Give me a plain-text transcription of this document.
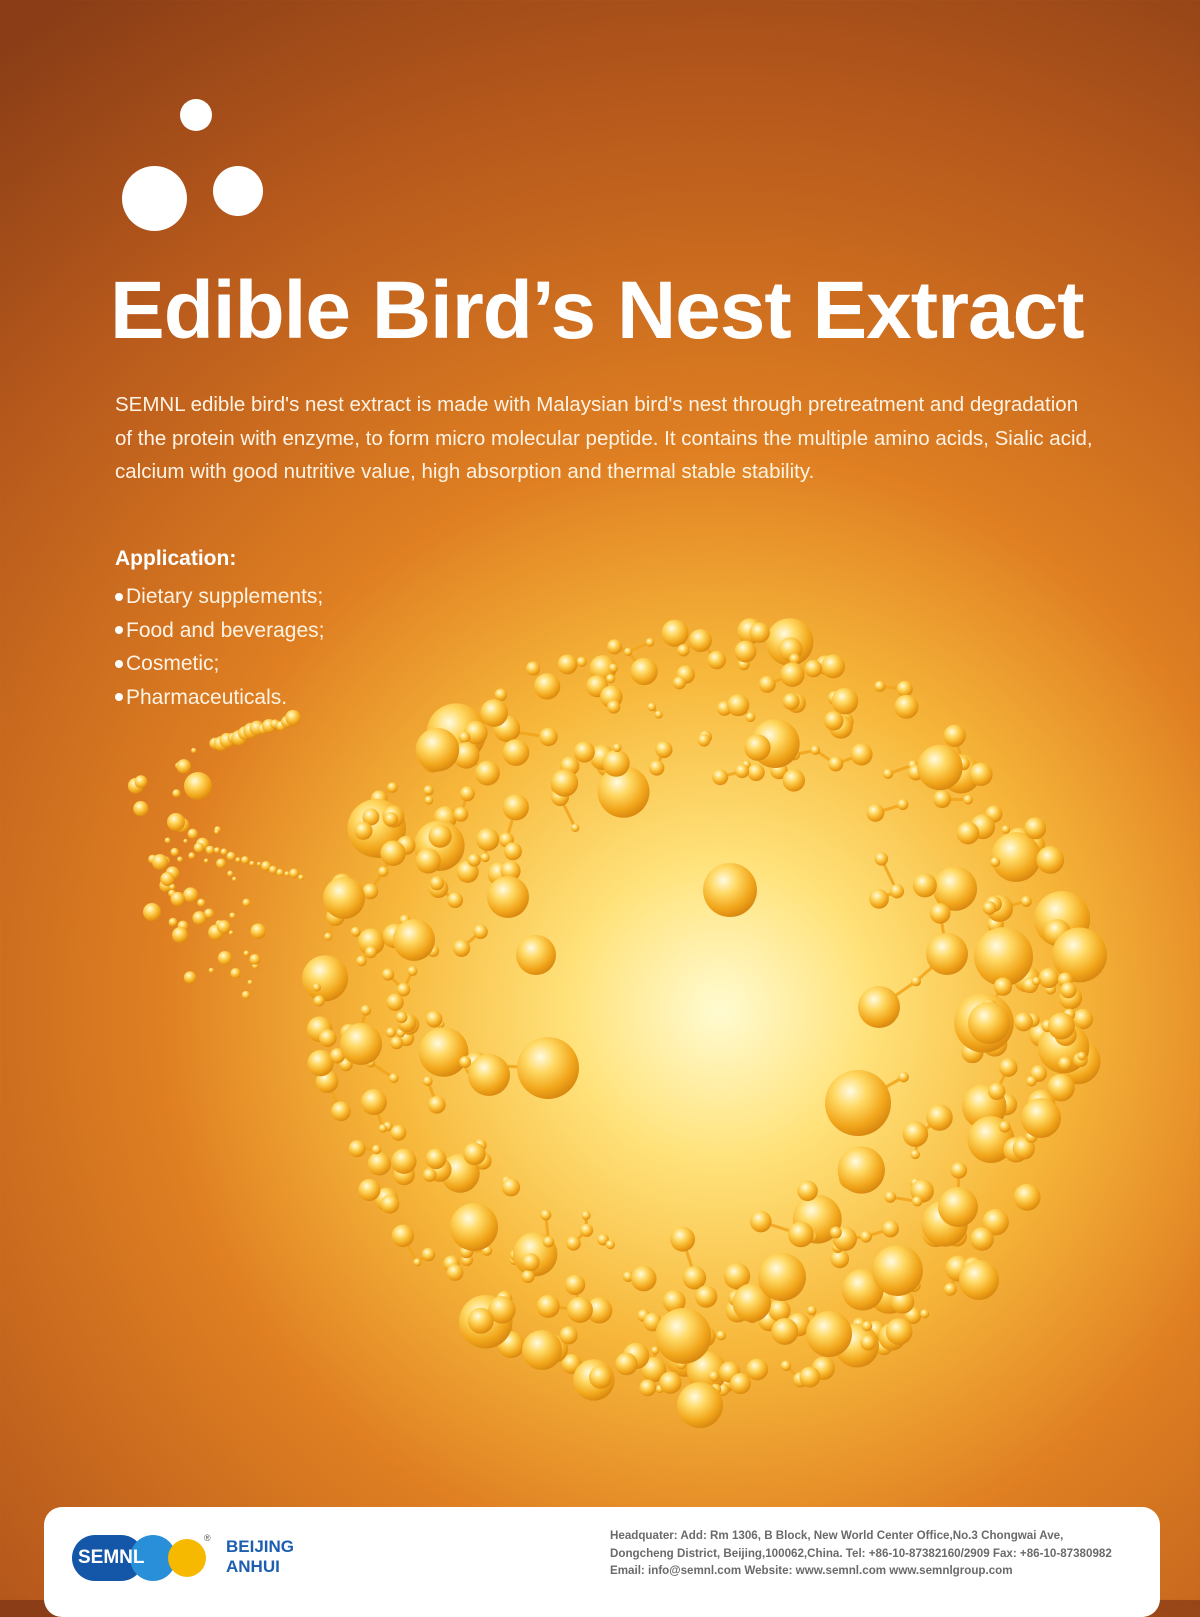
Edible Bird’s Nest Extract

SEMNL edible bird's nest extract is made with Malaysian bird's nest through pretreatment and degradation of the protein with enzyme, to form micro molecular peptide. It contains the multiple amino acids, Sialic acid, calcium with good nutritive value, high absorption and thermal stable stability.

Application:
Dietary supplements;
Food and beverages;
Cosmetic;
Pharmaceuticals.
SEMNL
® BEIJING
ANHUI
Headquater: Add: Rm 1306, B Block, New World Center Office,No.3 Chongwai Ave,
Dongcheng District, Beijing,100062,China. Tel: +86-10-87382160/2909 Fax: +86-10-87380982
Email: info@semnl.com Website: www.semnl.com www.semnlgroup.com
